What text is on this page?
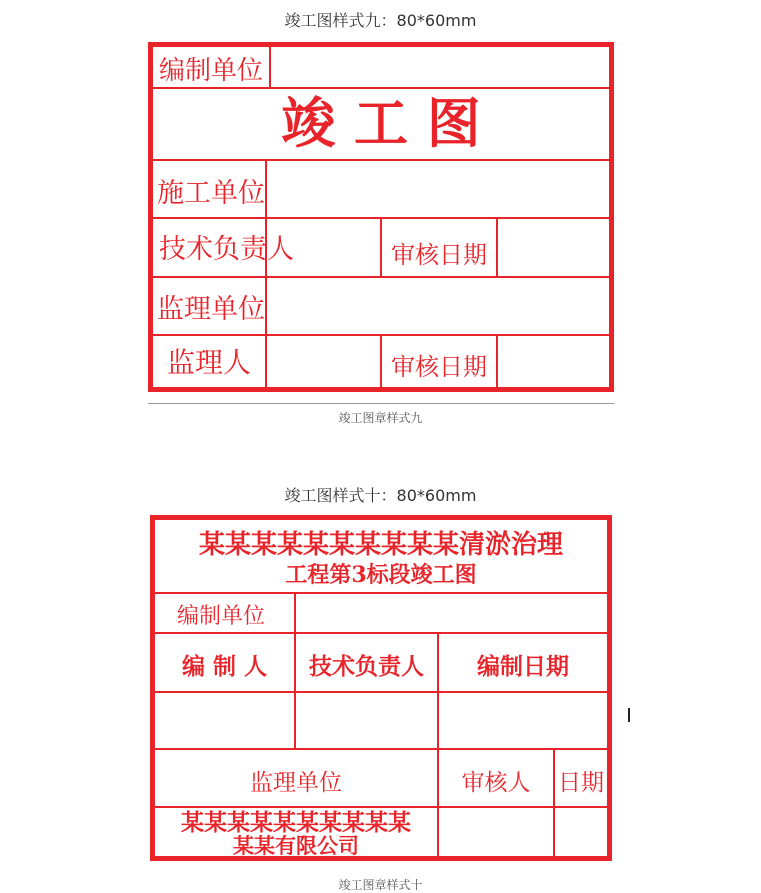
竣工图样式九：80*60mm
编制单位
竣 工 图
施工单位
技术负责人	审核日期
监理单位
监理人	审核日期
竣工图章样式九
竣工图样式十：80*60mm
某某某某某某某某某某清淤治理
工程第3标段竣工图
编制单位
编 制 人	技术负责人	编制日期
监理单位	审核人	日期
某某某某某某某某某某
某某有限公司
竣工图章样式十
